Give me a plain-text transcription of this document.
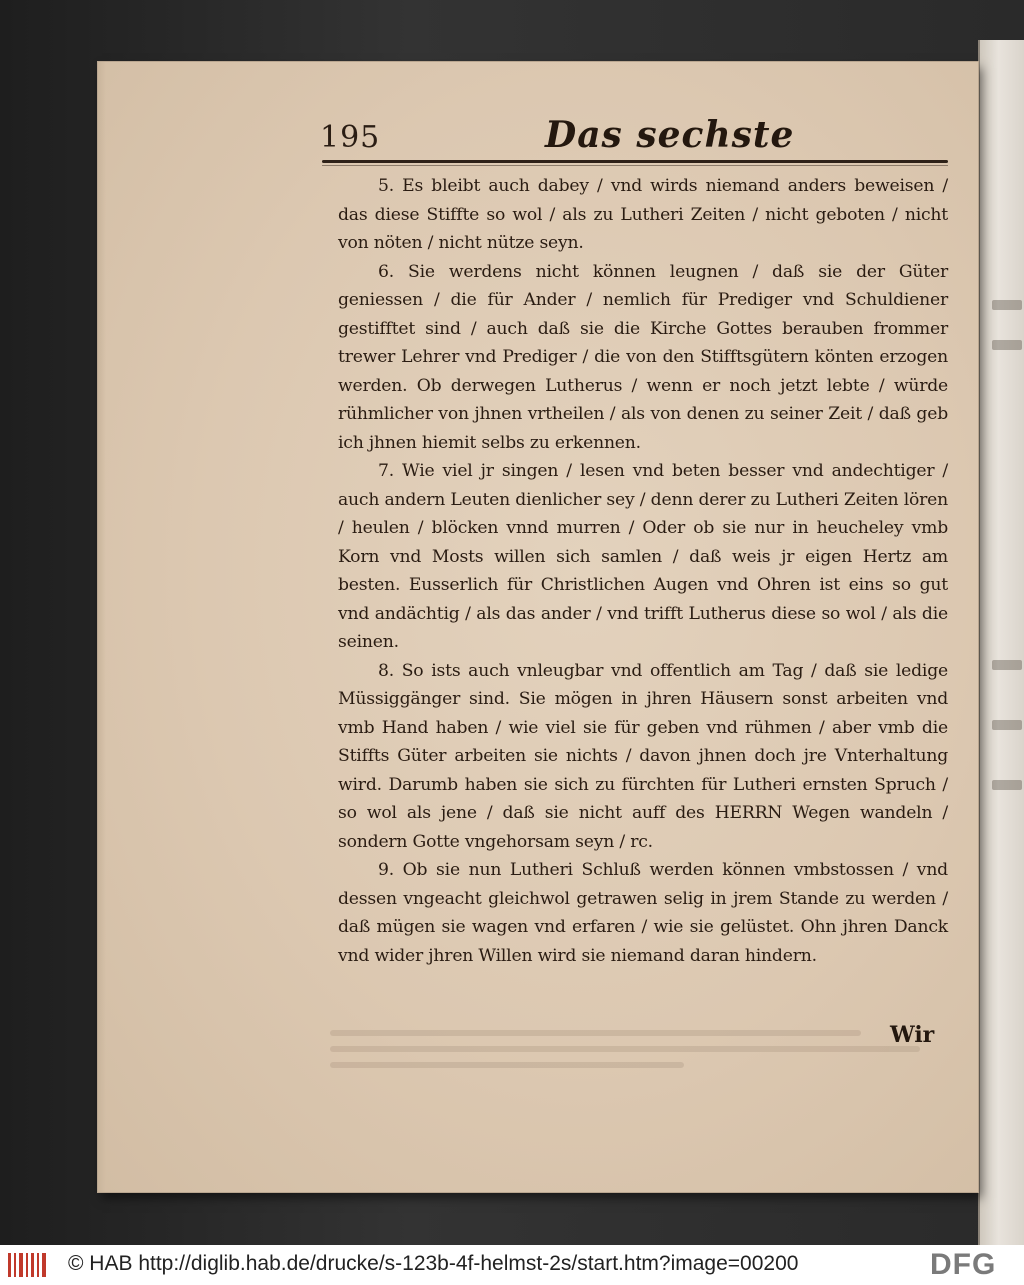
195	Das sechste

5. Es bleibt auch dabey / vnd wirds niemand anders beweisen / das diese Stiffte so wol / als zu Lutheri Zeiten / nicht geboten / nicht von nöten / nicht nütze seyn.

6. Sie werdens nicht können leugnen / daß sie der Güter geniessen / die für Ander / nemlich für Prediger vnd Schuldiener gestifftet sind / auch daß sie die Kirche Gottes berauben frommer trewer Lehrer vnd Prediger / die von den Stifftsgütern könten erzogen werden. Ob derwegen Lutherus / wenn er noch jetzt lebte / würde rühmlicher von jhnen vrtheilen / als von denen zu seiner Zeit / daß geb ich jhnen hiemit selbs zu erkennen.

7. Wie viel jr singen / lesen vnd beten besser vnd andechtiger / auch andern Leuten dienlicher sey / denn derer zu Lutheri Zeiten lören / heulen / blöcken vnnd murren / Oder ob sie nur in heucheley vmb Korn vnd Mosts willen sich samlen / daß weis jr eigen Hertz am besten. Eusserlich für Christlichen Augen vnd Ohren ist eins so gut vnd andächtig / als das ander / vnd trifft Lutherus diese so wol / als die seinen.

8. So ists auch vnleugbar vnd offentlich am Tag / daß sie ledige Müssiggänger sind. Sie mögen in jhren Häusern sonst arbeiten vnd vmb Hand haben / wie viel sie für geben vnd rühmen / aber vmb die Stiffts Güter arbeiten sie nichts / davon jhnen doch jre Vnterhaltung wird. Darumb haben sie sich zu fürchten für Lutheri ernsten Spruch / so wol als jene / daß sie nicht auff des HERRN Wegen wandeln / sondern Gotte vngehorsam seyn / rc.

9. Ob sie nun Lutheri Schluß werden können vmbstossen / vnd dessen vngeacht gleichwol getrawen selig in jrem Stande zu werden / daß mügen sie wagen vnd erfaren / wie sie gelüstet. Ohn jhren Danck vnd wider jhren Willen wird sie niemand daran hindern.

Wir
© HAB http://diglib.hab.de/drucke/s-123b-4f-helmst-2s/start.htm?image=00200	DFG
